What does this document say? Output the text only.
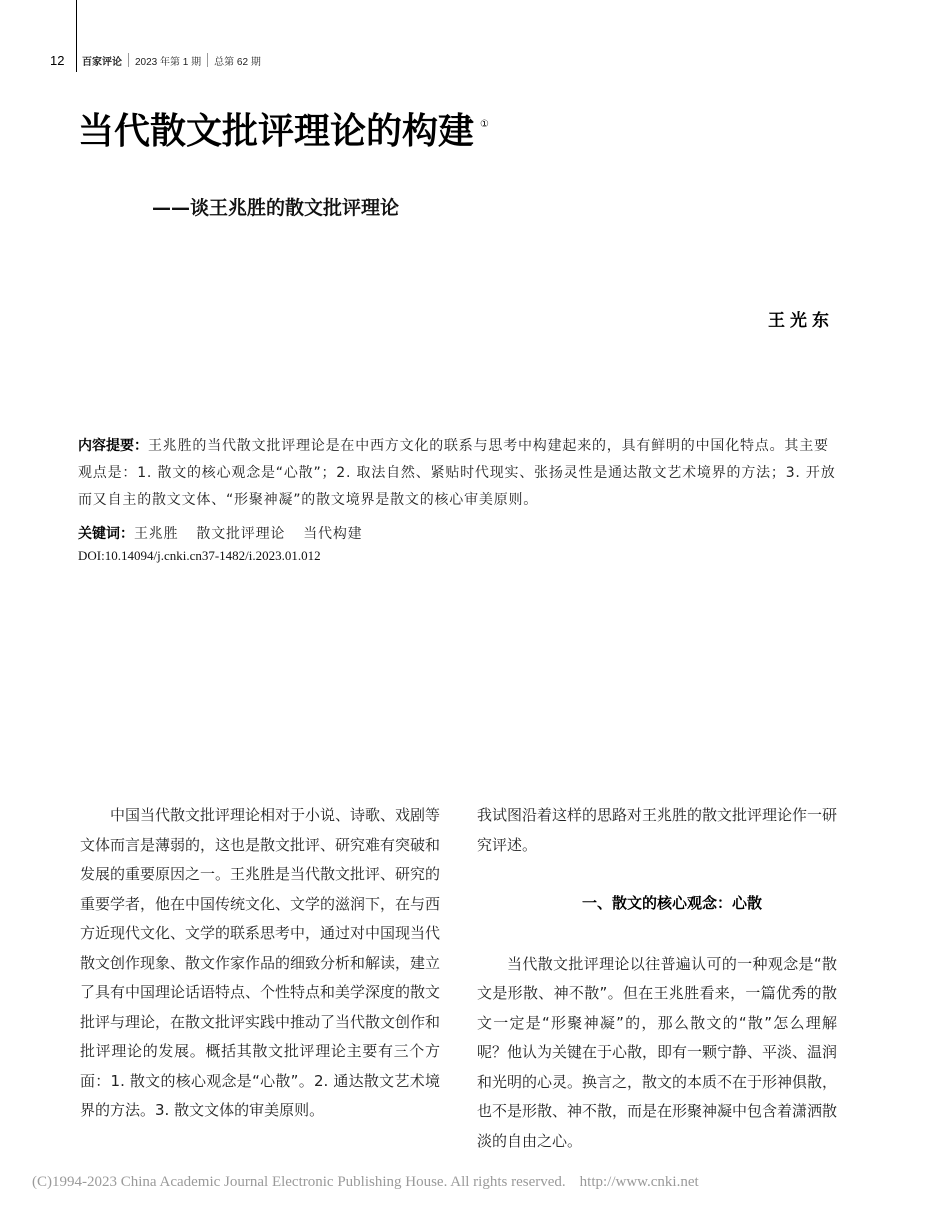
12	百家评论 2023 年第 1 期 总第 62 期
当代散文批评理论的构建 ①
——谈王兆胜的散文批评理论
王光东

内容提要：王兆胜的当代散文批评理论是在中西方文化的联系与思考中构建起来的，具有鲜明的中国化特点。其主要观点是：1. 散文的核心观念是“心散”；2. 取法自然、紧贴时代现实、张扬灵性是通达散文艺术境界的方法；3. 开放而又自主的散文文体、“形聚神凝”的散文境界是散文的核心审美原则。

关键词：王兆胜 散文批评理论 当代构建
DOI:10.14094/j.cnki.cn37-1482/i.2023.01.012

中国当代散文批评理论相对于小说、诗歌、戏剧等文体而言是薄弱的，这也是散文批评、研究难有突破和发展的重要原因之一。王兆胜是当代散文批评、研究的重要学者，他在中国传统文化、文学的滋润下，在与西方近现代文化、文学的联系思考中，通过对中国现当代散文创作现象、散文作家作品的细致分析和解读，建立了具有中国理论话语特点、个性特点和美学深度的散文批评与理论，在散文批评实践中推动了当代散文创作和批评理论的发展。概括其散文批评理论主要有三个方面：1. 散文的核心观念是“心散”。2. 通达散文艺术境界的方法。3. 散文文体的审美原则。

我试图沿着这样的思路对王兆胜的散文批评理论作一研究评述。

一、散文的核心观念：心散

当代散文批评理论以往普遍认可的一种观念是“散文是形散、神不散”。但在王兆胜看来，一篇优秀的散文一定是“形聚神凝”的，那么散文的“散”怎么理解呢？他认为关键在于心散，即有一颗宁静、平淡、温润和光明的心灵。换言之，散文的本质不在于形神俱散，也不是形散、神不散，而是在形聚神凝中包含着潇洒散淡的自由之心。

(C)1994-2023 China Academic Journal Electronic Publishing House. All rights reserved. http://www.cnki.net
